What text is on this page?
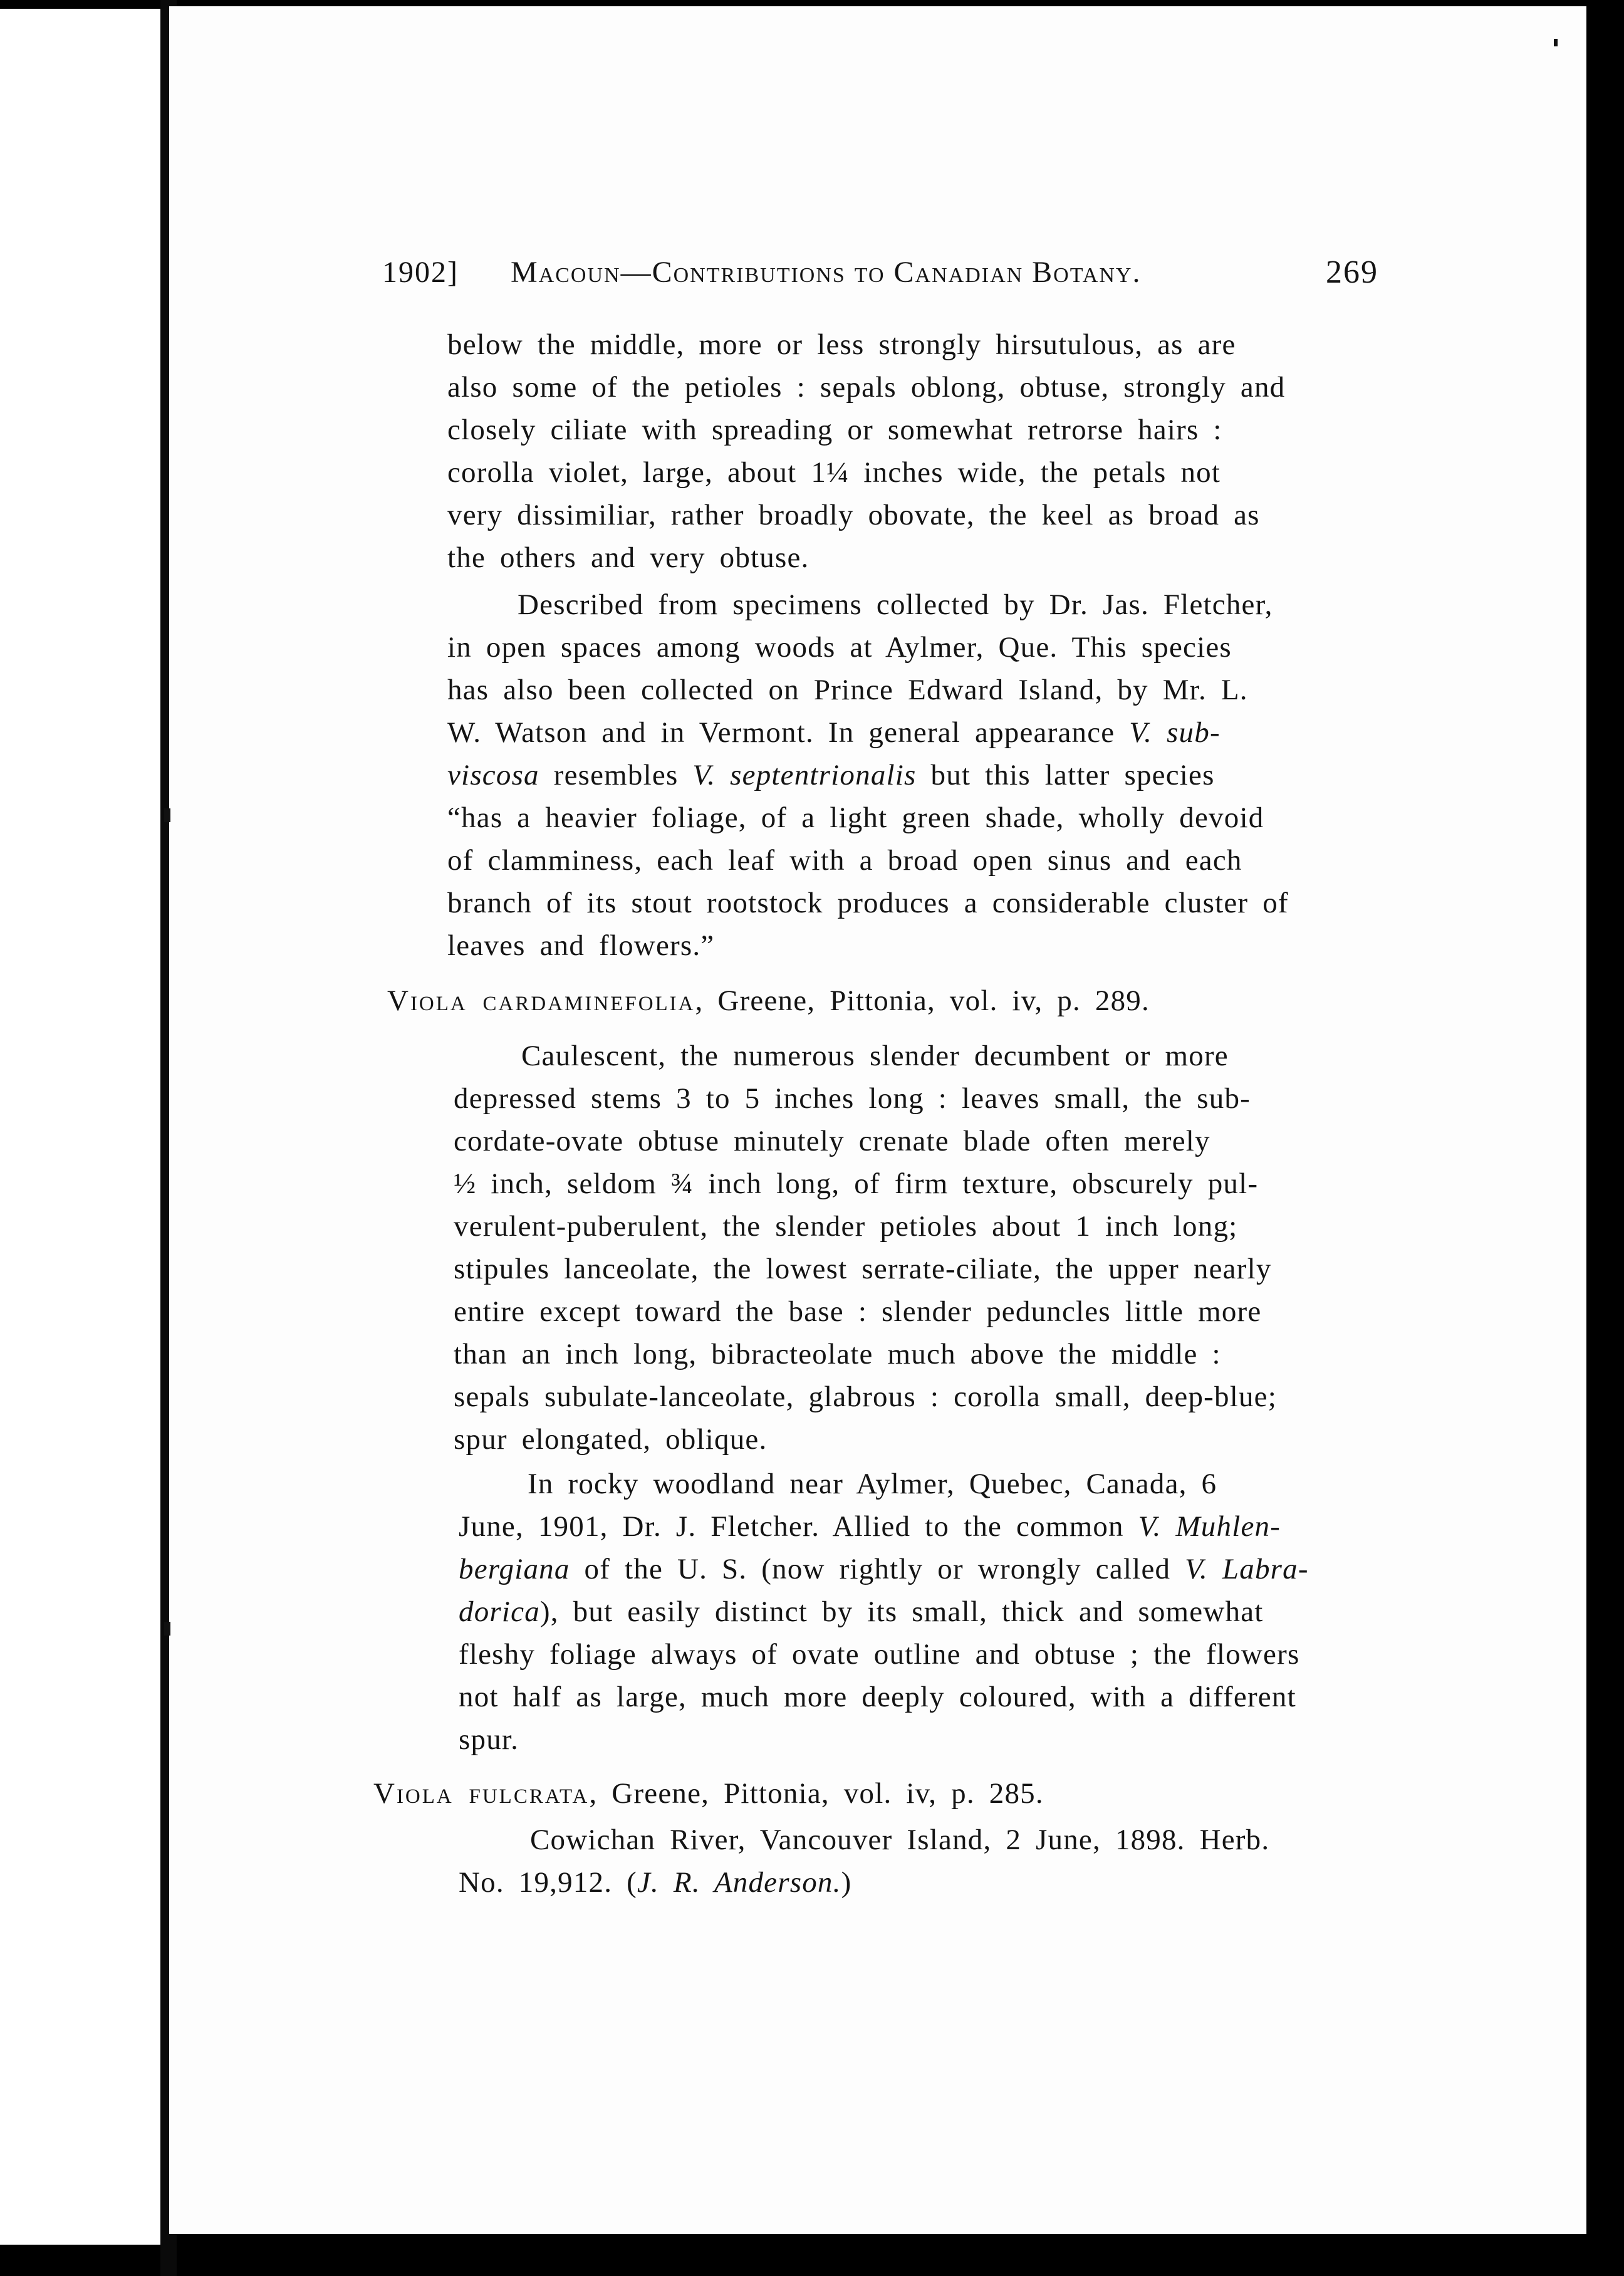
1902] Macoun—Contributions to Canadian Botany.	269
below the middle, more or less strongly hirsutulous, as are
also some of the petioles : sepals oblong, obtuse, strongly and
closely ciliate with spreading or somewhat retrorse hairs :
corolla violet, large, about 1¼ inches wide, the petals not
very dissimiliar, rather broadly obovate, the keel as broad as
the others and very obtuse.
Described from specimens collected by Dr. Jas. Fletcher,
in open spaces among woods at Aylmer, Que. This species
has also been collected on Prince Edward Island, by Mr. L.
W. Watson and in Vermont. In general appearance V. sub-
viscosa resembles V. septentrionalis but this latter species
“has a heavier foliage, of a light green shade, wholly devoid
of clamminess, each leaf with a broad open sinus and each
branch of its stout rootstock produces a considerable cluster of
leaves and flowers.”
Viola cardaminefolia, Greene, Pittonia, vol. iv, p. 289.
Caulescent, the numerous slender decumbent or more
depressed stems 3 to 5 inches long : leaves small, the sub-
cordate-ovate obtuse minutely crenate blade often merely
½ inch, seldom ¾ inch long, of firm texture, obscurely pul-
verulent-puberulent, the slender petioles about 1 inch long;
stipules lanceolate, the lowest serrate-ciliate, the upper nearly
entire except toward the base : slender peduncles little more
than an inch long, bibracteolate much above the middle :
sepals subulate-lanceolate, glabrous : corolla small, deep-blue;
spur elongated, oblique.
In rocky woodland near Aylmer, Quebec, Canada, 6
June, 1901, Dr. J. Fletcher. Allied to the common V. Muhlen-
bergiana of the U. S. (now rightly or wrongly called V. Labra-
dorica), but easily distinct by its small, thick and somewhat
fleshy foliage always of ovate outline and obtuse ; the flowers
not half as large, much more deeply coloured, with a different
spur.
Viola fulcrata, Greene, Pittonia, vol. iv, p. 285.
Cowichan River, Vancouver Island, 2 June, 1898. Herb.
No. 19,912. (J. R. Anderson.)
